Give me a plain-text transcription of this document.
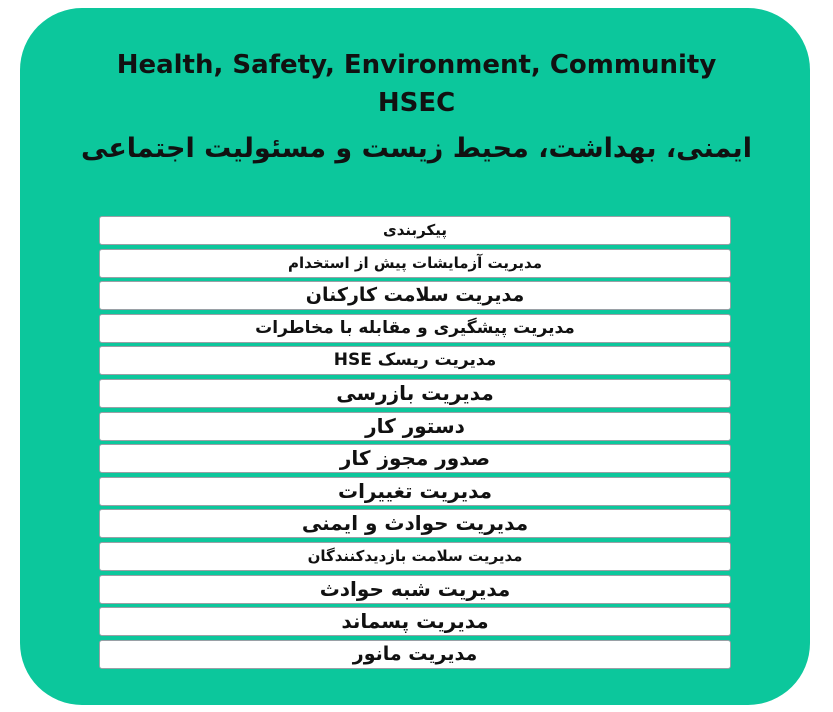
Health, Safety, Environment, Community
HSEC
ایمنی، بهداشت، محیط زیست و مسئولیت اجتماعی
پیکربندی
مدیریت آزمایشات پیش از استخدام
مدیریت سلامت کارکنان
مدیریت پیشگیری و مقابله با مخاطرات
مدیریت ریسک HSE
مدیریت بازرسی
دستور کار
صدور مجوز کار
مدیریت تغییرات
مدیریت حوادث و ایمنی
مدیریت سلامت بازدیدکنندگان
مدیریت شبه حوادث
مدیریت پسماند
مدیریت مانور
